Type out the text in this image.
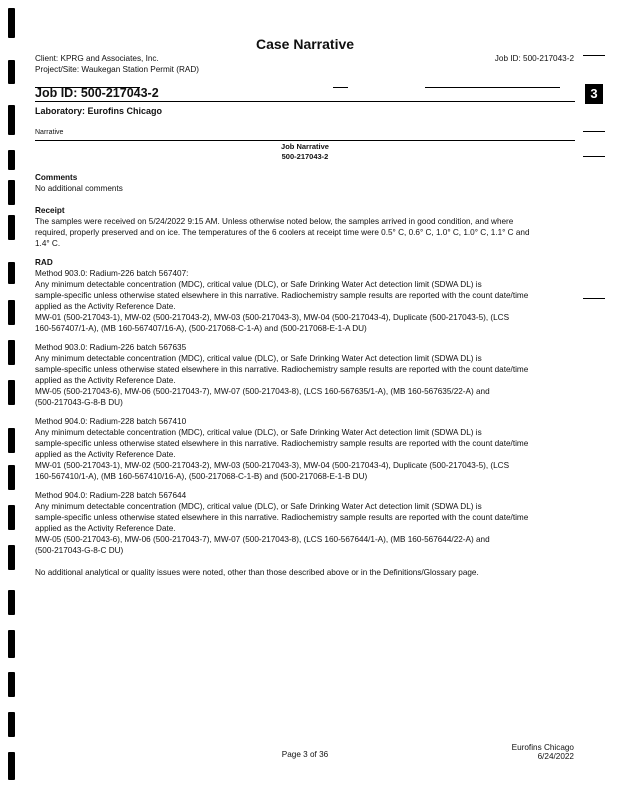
3
Case Narrative
Client: KPRG and Associates, Inc.
Project/Site: Waukegan Station Permit (RAD)
Job ID: 500-217043-2
Job ID: 500-217043-2
Laboratory: Eurofins Chicago
Narrative
Job Narrative
500-217043-2
Comments
No additional comments
Receipt
The samples were received on 5/24/2022 9:15 AM. Unless otherwise noted below, the samples arrived in good condition, and where
required, properly preserved and on ice. The temperatures of the 6 coolers at receipt time were 0.5° C, 0.6° C, 1.0° C, 1.0° C, 1.1° C and
1.4° C.
RAD
Method 903.0: Radium-226 batch 567407:
Any minimum detectable concentration (MDC), critical value (DLC), or Safe Drinking Water Act detection limit (SDWA DL) is
sample-specific unless otherwise stated elsewhere in this narrative. Radiochemistry sample results are reported with the count date/time
applied as the Activity Reference Date.
MW-01 (500-217043-1), MW-02 (500-217043-2), MW-03 (500-217043-3), MW-04 (500-217043-4), Duplicate (500-217043-5), (LCS
160-567407/1-A), (MB 160-567407/16-A), (500-217068-C-1-A) and (500-217068-E-1-A DU)
Method 903.0: Radium-226 batch 567635
Any minimum detectable concentration (MDC), critical value (DLC), or Safe Drinking Water Act detection limit (SDWA DL) is
sample-specific unless otherwise stated elsewhere in this narrative. Radiochemistry sample results are reported with the count date/time
applied as the Activity Reference Date.
MW-05 (500-217043-6), MW-06 (500-217043-7), MW-07 (500-217043-8), (LCS 160-567635/1-A), (MB 160-567635/22-A) and
(500-217043-G-8-B DU)
Method 904.0: Radium-228 batch 567410
Any minimum detectable concentration (MDC), critical value (DLC), or Safe Drinking Water Act detection limit (SDWA DL) is
sample-specific unless otherwise stated elsewhere in this narrative. Radiochemistry sample results are reported with the count date/time
applied as the Activity Reference Date.
MW-01 (500-217043-1), MW-02 (500-217043-2), MW-03 (500-217043-3), MW-04 (500-217043-4), Duplicate (500-217043-5), (LCS
160-567410/1-A), (MB 160-567410/16-A), (500-217068-C-1-B) and (500-217068-E-1-B DU)
Method 904.0: Radium-228 batch 567644
Any minimum detectable concentration (MDC), critical value (DLC), or Safe Drinking Water Act detection limit (SDWA DL) is
sample-specific unless otherwise stated elsewhere in this narrative. Radiochemistry sample results are reported with the count date/time
applied as the Activity Reference Date.
MW-05 (500-217043-6), MW-06 (500-217043-7), MW-07 (500-217043-8), (LCS 160-567644/1-A), (MB 160-567644/22-A) and
(500-217043-G-8-C DU)
No additional analytical or quality issues were noted, other than those described above or in the Definitions/Glossary page.
Page 3 of 36
Eurofins Chicago
6/24/2022
